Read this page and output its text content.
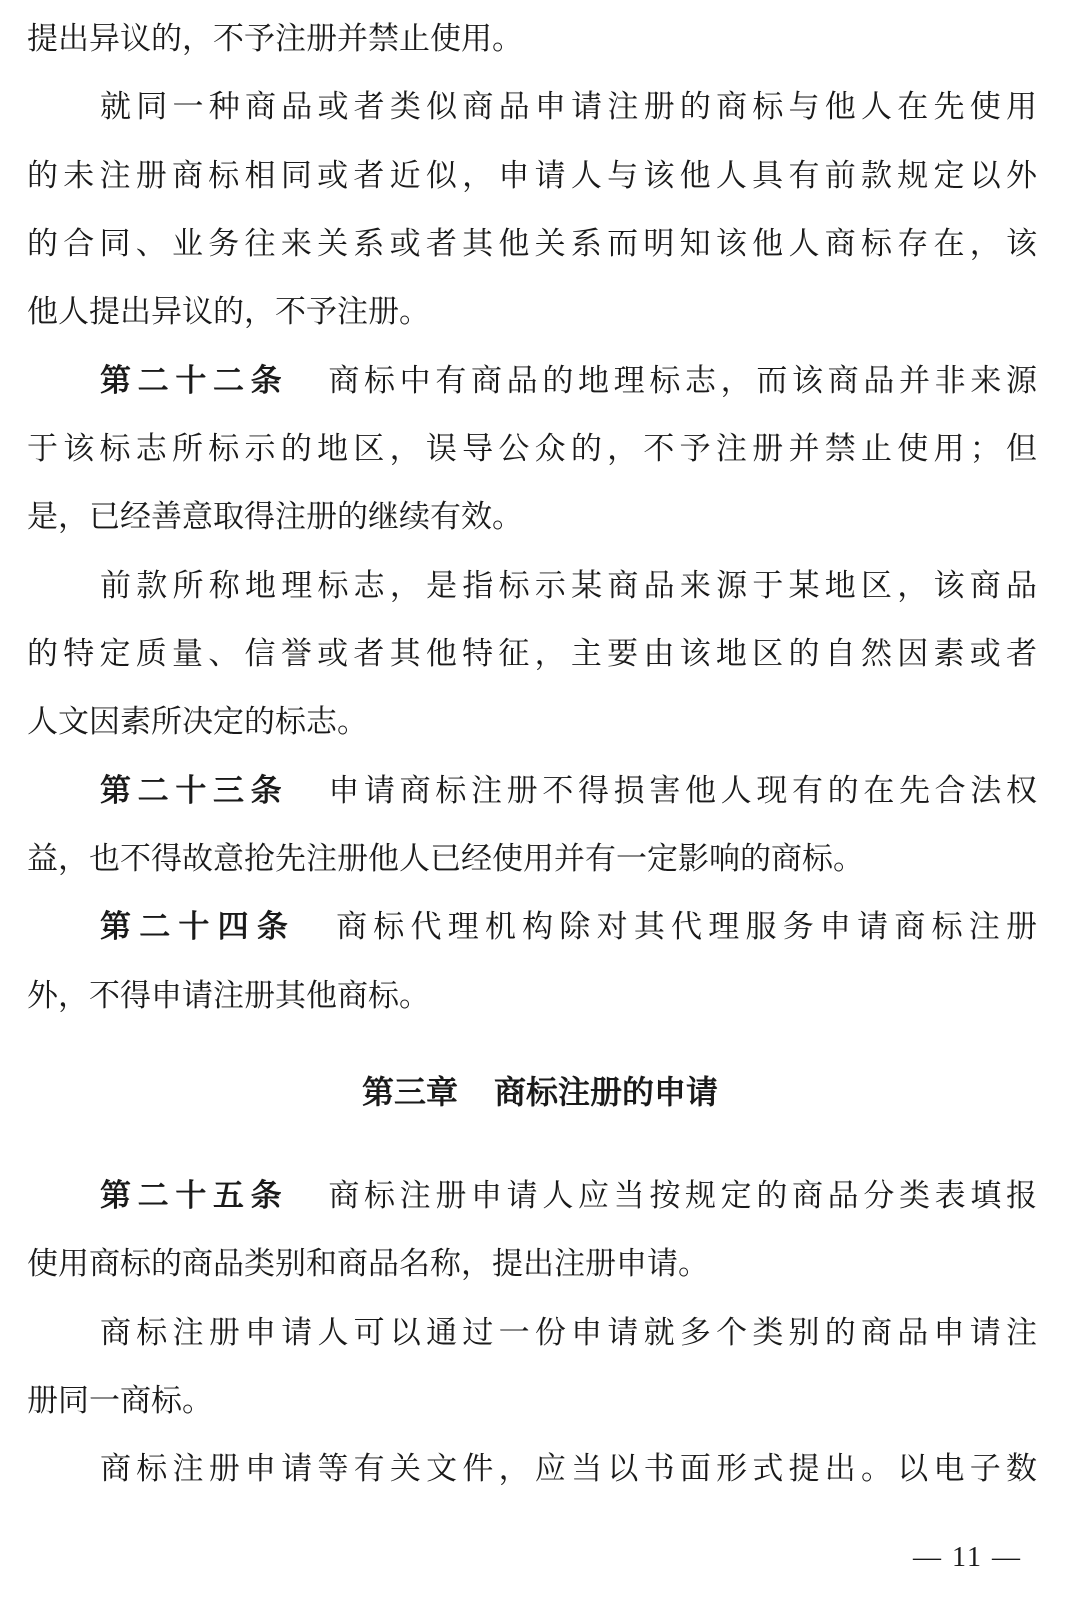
提出异议的，不予注册并禁止使用。
就同一种商品或者类似商品申请注册的商标与他人在先使用
的未注册商标相同或者近似，申请人与该他人具有前款规定以外
的合同、业务往来关系或者其他关系而明知该他人商标存在，该
他人提出异议的，不予注册。
第二十二条 商标中有商品的地理标志，而该商品并非来源
于该标志所标示的地区，误导公众的，不予注册并禁止使用；但
是，已经善意取得注册的继续有效。
前款所称地理标志，是指标示某商品来源于某地区，该商品
的特定质量、信誉或者其他特征，主要由该地区的自然因素或者
人文因素所决定的标志。
第二十三条 申请商标注册不得损害他人现有的在先合法权
益，也不得故意抢先注册他人已经使用并有一定影响的商标。
第二十四条 商标代理机构除对其代理服务申请商标注册
外，不得申请注册其他商标。
第三章 商标注册的申请
第二十五条 商标注册申请人应当按规定的商品分类表填报
使用商标的商品类别和商品名称，提出注册申请。
商标注册申请人可以通过一份申请就多个类别的商品申请注
册同一商标。
商标注册申请等有关文件，应当以书面形式提出。以电子数
— 11 —
